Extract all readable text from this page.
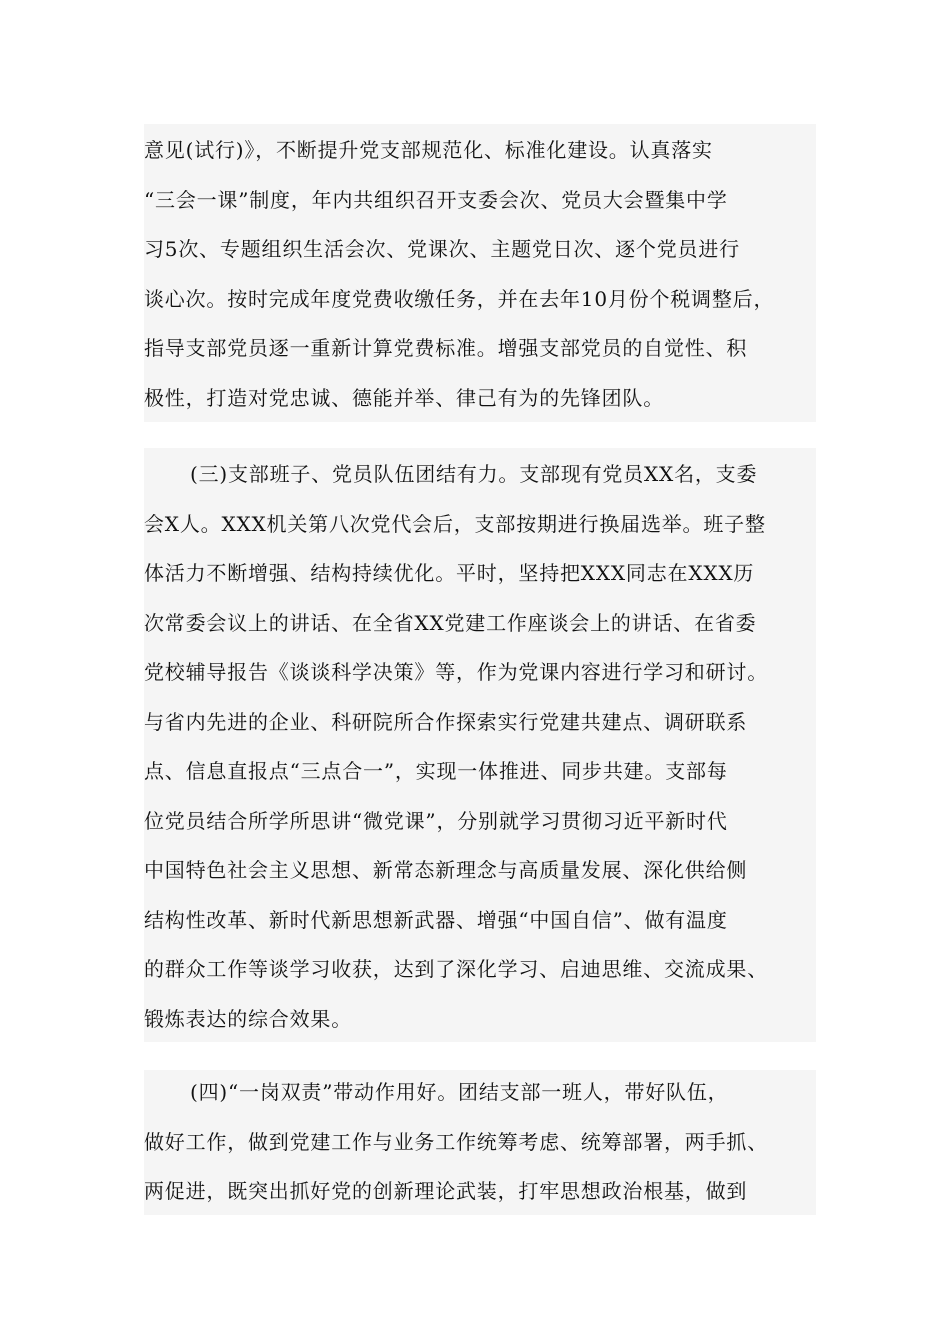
意见(试行)》，不断提升党支部规范化、标准化建设。认真落实
“三会一课”制度，年内共组织召开支委会次、党员大会暨集中学
习5次、专题组织生活会次、党课次、主题党日次、逐个党员进行
谈心次。按时完成年度党费收缴任务，并在去年10月份个税调整后，
指导支部党员逐一重新计算党费标准。增强支部党员的自觉性、积
极性，打造对党忠诚、德能并举、律己有为的先锋团队。
(三)支部班子、党员队伍团结有力。支部现有党员XX名，支委
会X人。XXX机关第八次党代会后，支部按期进行换届选举。班子整
体活力不断增强、结构持续优化。平时，坚持把XXX同志在XXX历
次常委会议上的讲话、在全省XX党建工作座谈会上的讲话、在省委
党校辅导报告《谈谈科学决策》等，作为党课内容进行学习和研讨。
与省内先进的企业、科研院所合作探索实行党建共建点、调研联系
点、信息直报点“三点合一”，实现一体推进、同步共建。支部每
位党员结合所学所思讲“微党课”，分别就学习贯彻习近平新时代
中国特色社会主义思想、新常态新理念与高质量发展、深化供给侧
结构性改革、新时代新思想新武器、增强“中国自信”、做有温度
的群众工作等谈学习收获，达到了深化学习、启迪思维、交流成果、
锻炼表达的综合效果。
(四)“一岗双责”带动作用好。团结支部一班人，带好队伍，
做好工作，做到党建工作与业务工作统筹考虑、统筹部署，两手抓、
两促进，既突出抓好党的创新理论武装，打牢思想政治根基，做到
